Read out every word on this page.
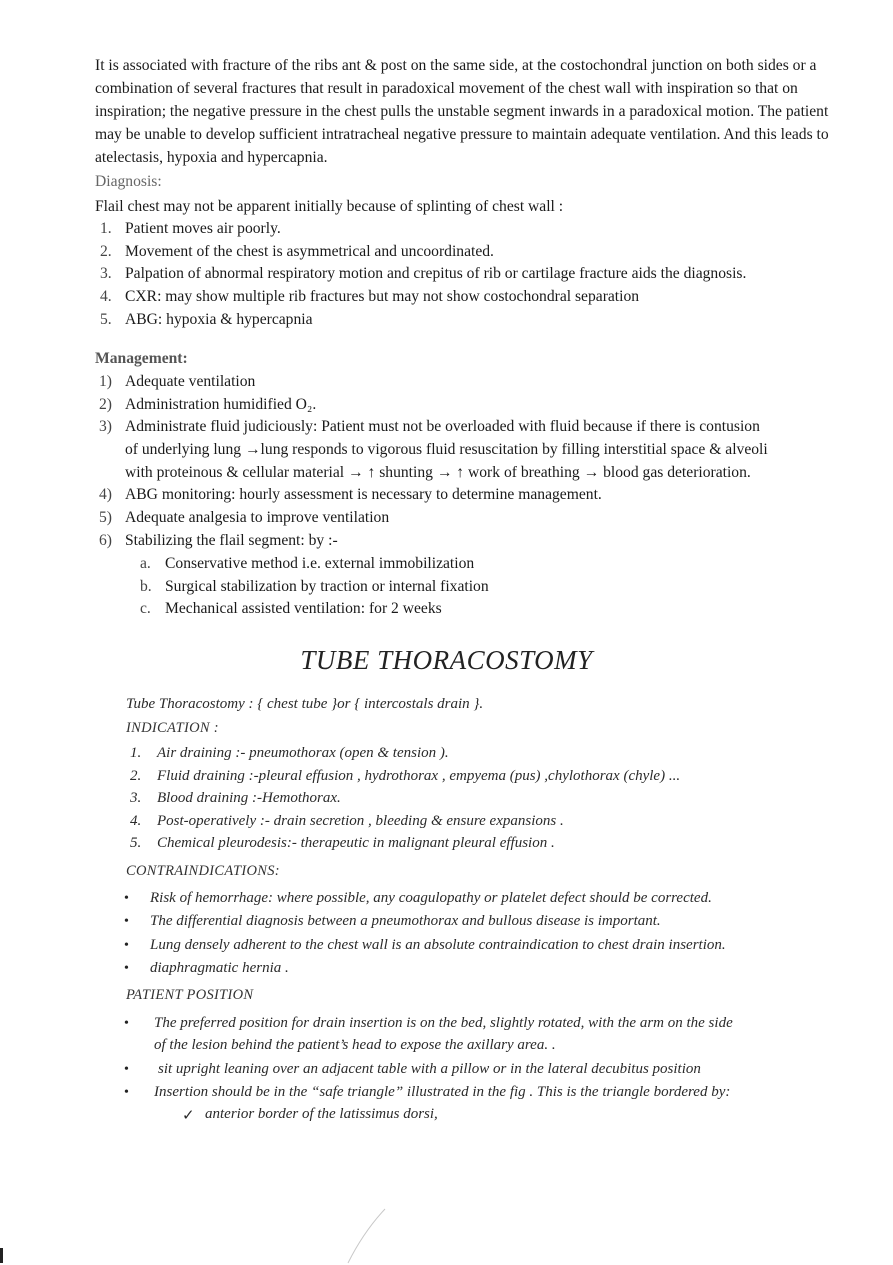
It is associated with fracture of the ribs ant & post on the same side, at the costochondral junction on both sides or a combination of several fractures that result in paradoxical movement of the chest wall with inspiration so that on inspiration; the negative pressure in the chest pulls the unstable segment inwards in a paradoxical motion. The patient may be unable to develop sufficient intratracheal negative pressure to maintain adequate ventilation. And this leads to atelectasis, hypoxia and hypercapnia.

Diagnosis:
Flail chest may not be apparent initially because of splinting of chest wall :
1. Patient moves air poorly.
2. Movement of the chest is asymmetrical and uncoordinated.
3. Palpation of abnormal respiratory motion and crepitus of rib or cartilage fracture aids the diagnosis.
4. CXR: may show multiple rib fractures but may not show costochondral separation
5. ABG: hypoxia & hypercapnia
Management:
1) Adequate ventilation
2) Administration humidified O₂.
3) Administrate fluid judiciously: Patient must not be overloaded with fluid because if there is contusion
of underlying lung →lung responds to vigorous fluid resuscitation by filling interstitial space & alveoli
with proteinous & cellular material → ↑ shunting → ↑ work of breathing → blood gas deterioration.
4) ABG monitoring: hourly assessment is necessary to determine management.
5) Adequate analgesia to improve ventilation
6) Stabilizing the flail segment: by :-
a. Conservative method i.e. external immobilization
b. Surgical stabilization by traction or internal fixation
c. Mechanical assisted ventilation: for 2 weeks
TUBE THORACOSTOMY
Tube Thoracostomy : { chest tube }or { intercostals drain }.
INDICATION :
1. Air draining :- pneumothorax (open & tension ).
2. Fluid draining :-pleural effusion , hydrothorax , empyema (pus) ,chylothorax (chyle) ...
3. Blood draining :-Hemothorax.
4. Post-operatively :- drain secretion , bleeding & ensure expansions .
5. Chemical pleurodesis:- therapeutic in malignant pleural effusion .
CONTRAINDICATIONS:
• Risk of hemorrhage: where possible, any coagulopathy or platelet defect should be corrected.
• The differential diagnosis between a pneumothorax and bullous disease is important.
• Lung densely adherent to the chest wall is an absolute contraindication to chest drain insertion.
• diaphragmatic hernia .
PATIENT POSITION
• The preferred position for drain insertion is on the bed, slightly rotated, with the arm on the side
of the lesion behind the patient’s head to expose the axillary area. .
• sit upright leaning over an adjacent table with a pillow or in the lateral decubitus position
• Insertion should be in the “safe triangle” illustrated in the fig . This is the triangle bordered by:
✓ anterior border of the latissimus dorsi,
